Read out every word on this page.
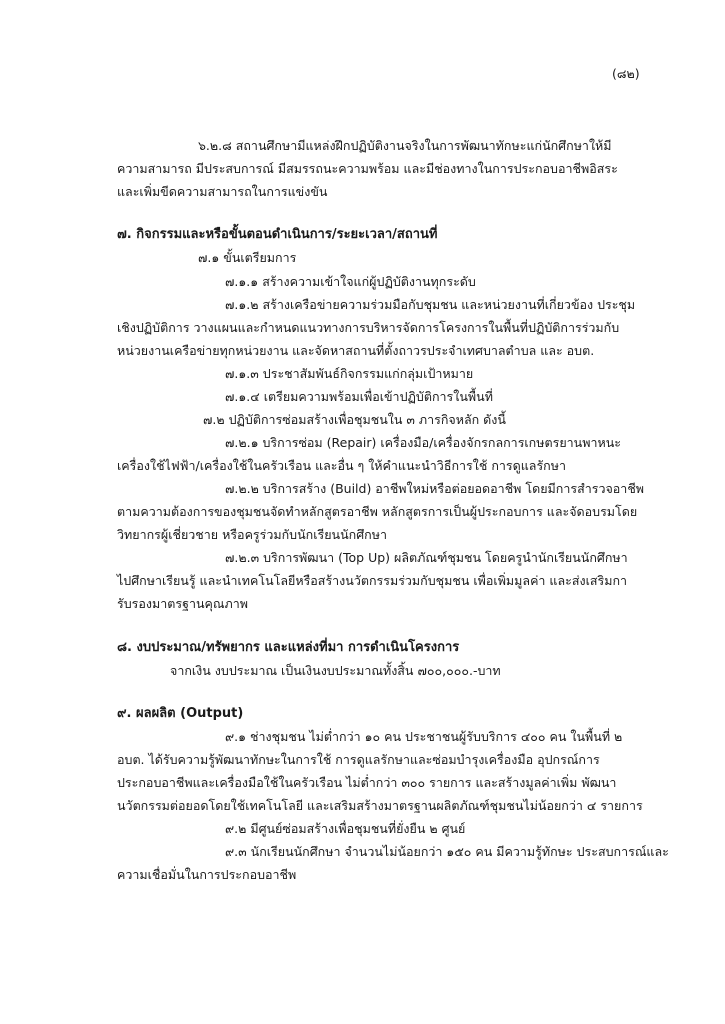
(๘๒)
๖.๒.๘ สถานศึกษามีแหล่งฝึกปฏิบัติงานจริงในการพัฒนาทักษะแก่นักศึกษาให้มี
ความสามารถ มีประสบการณ์ มีสมรรถนะความพร้อม และมีช่องทางในการประกอบอาชีพอิสระ
และเพิ่มขีดความสามารถในการแข่งขัน
๗. กิจกรรมและหรือขั้นตอนดำเนินการ/ระยะเวลา/สถานที่
๗.๑ ขั้นเตรียมการ
๗.๑.๑ สร้างความเข้าใจแก่ผู้ปฏิบัติงานทุกระดับ
๗.๑.๒ สร้างเครือข่ายความร่วมมือกับชุมชน และหน่วยงานที่เกี่ยวข้อง ประชุม
เชิงปฏิบัติการ วางแผนและกำหนดแนวทางการบริหารจัดการโครงการในพื้นที่ปฏิบัติการร่วมกับ
หน่วยงานเครือข่ายทุกหน่วยงาน และจัดหาสถานที่ตั้งถาวรประจำเทศบาลตำบล และ อบต.
๗.๑.๓ ประชาสัมพันธ์กิจกรรมแก่กลุ่มเป้าหมาย
๗.๑.๔ เตรียมความพร้อมเพื่อเข้าปฏิบัติการในพื้นที่
๗.๒ ปฏิบัติการซ่อมสร้างเพื่อชุมชนใน ๓ ภารกิจหลัก ดังนี้
๗.๒.๑ บริการซ่อม (Repair) เครื่องมือ/เครื่องจักรกลการเกษตรยานพาหนะ
เครื่องใช้ไฟฟ้า/เครื่องใช้ในครัวเรือน และอื่น ๆ ให้คำแนะนำวิธีการใช้ การดูแลรักษา
๗.๒.๒ บริการสร้าง (Build) อาชีพใหม่หรือต่อยอดอาชีพ โดยมีการสำรวจอาชีพ
ตามความต้องการของชุมชนจัดทำหลักสูตรอาชีพ หลักสูตรการเป็นผู้ประกอบการ และจัดอบรมโดย
วิทยากรผู้เชี่ยวชาย หรือครูร่วมกับนักเรียนนักศึกษา
๗.๒.๓ บริการพัฒนา (Top Up) ผลิตภัณฑ์ชุมชน โดยครูนำนักเรียนนักศึกษา
ไปศึกษาเรียนรู้ และนำเทคโนโลยีหรือสร้างนวัตกรรมร่วมกับชุมชน เพื่อเพิ่มมูลค่า และส่งเสริมกา
รับรองมาตรฐานคุณภาพ
๘. งบประมาณ/ทรัพยากร และแหล่งที่มา การดำเนินโครงการ
จากเงิน งบประมาณ เป็นเงินงบประมาณทั้งสิ้น ๗๐๐,๐๐๐.-บาท
๙. ผลผลิต (Output)
๙.๑ ช่างชุมชน ไม่ต่ำกว่า ๑๐ คน ประชาชนผู้รับบริการ ๔๐๐ คน ในพื้นที่ ๒
อบต. ได้รับความรู้พัฒนาทักษะในการใช้ การดูแลรักษาและซ่อมบำรุงเครื่องมือ อุปกรณ์การ
ประกอบอาชีพและเครื่องมือใช้ในครัวเรือน ไม่ต่ำกว่า ๓๐๐ รายการ และสร้างมูลค่าเพิ่ม พัฒนา
นวัตกรรมต่อยอดโดยใช้เทคโนโลยี และเสริมสร้างมาตรฐานผลิตภัณฑ์ชุมชนไม่น้อยกว่า ๔ รายการ
๙.๒ มีศูนย์ซ่อมสร้างเพื่อชุมชนที่ยั่งยืน ๒ ศูนย์
๙.๓ นักเรียนนักศึกษา จำนวนไม่น้อยกว่า ๑๕๐ คน มีความรู้ทักษะ ประสบการณ์และ
ความเชื่อมั่นในการประกอบอาชีพ
